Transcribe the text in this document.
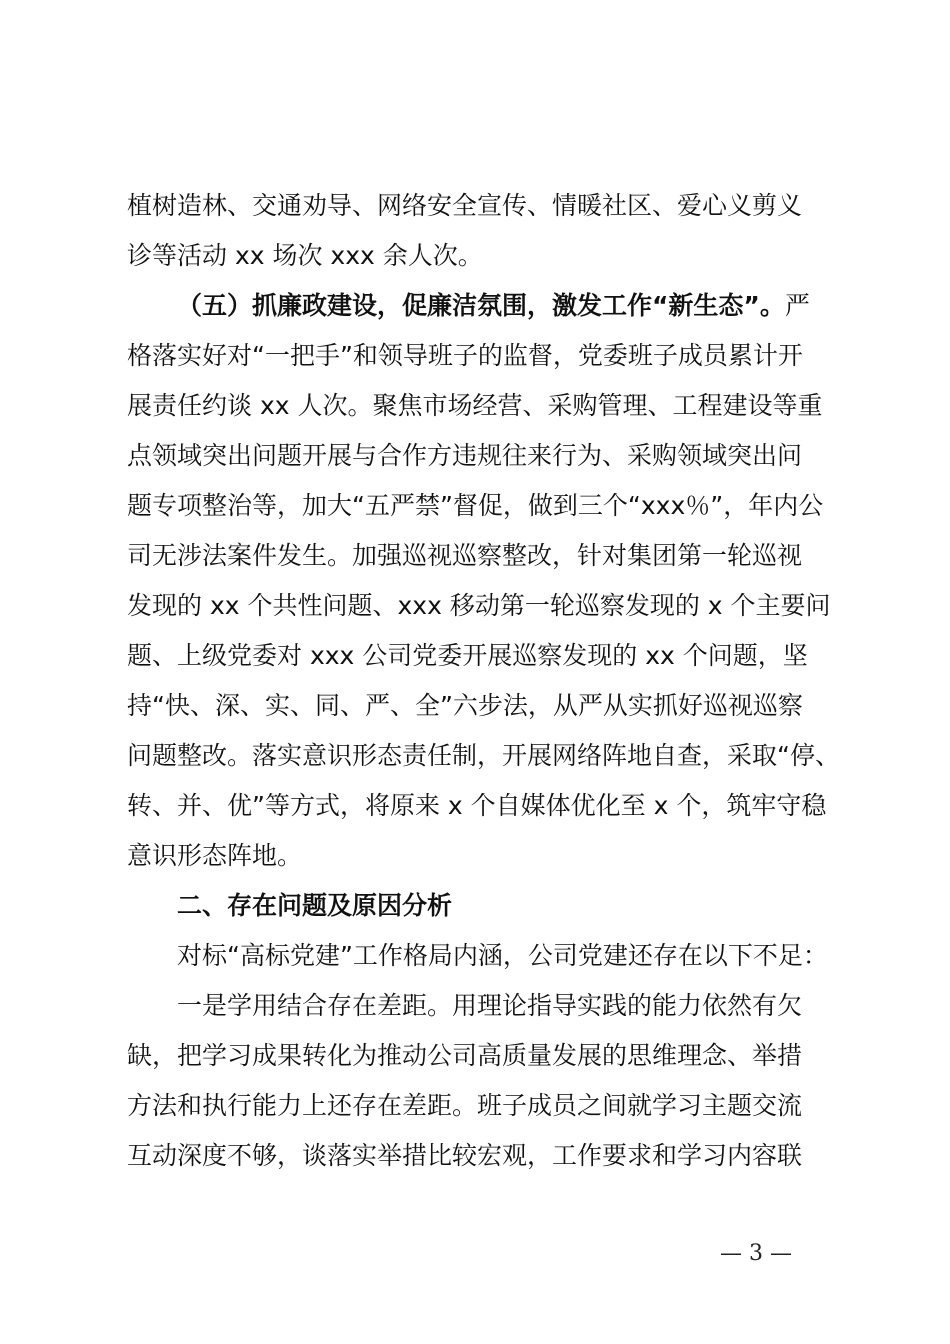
植树造林、交通劝导、网络安全宣传、情暖社区、爱心义剪义
诊等活动 xx 场次 xxx 余人次。
（五）抓廉政建设，促廉洁氛围，激发工作“新生态”。严
格落实好对“一把手”和领导班子的监督，党委班子成员累计开
展责任约谈 xx 人次。聚焦市场经营、采购管理、工程建设等重
点领域突出问题开展与合作方违规往来行为、采购领域突出问
题专项整治等，加大“五严禁”督促，做到三个“xxx％”，年内公
司无涉法案件发生。加强巡视巡察整改，针对集团第一轮巡视
发现的 xx 个共性问题、xxx 移动第一轮巡察发现的 x 个主要问
题、上级党委对 xxx 公司党委开展巡察发现的 xx 个问题，坚
持“快、深、实、同、严、全”六步法，从严从实抓好巡视巡察
问题整改。落实意识形态责任制，开展网络阵地自查，采取“停、
转、并、优”等方式，将原来 x 个自媒体优化至 x 个，筑牢守稳
意识形态阵地。
二、存在问题及原因分析
对标“高标党建”工作格局内涵，公司党建还存在以下不足：
一是学用结合存在差距。用理论指导实践的能力依然有欠
缺，把学习成果转化为推动公司高质量发展的思维理念、举措
方法和执行能力上还存在差距。班子成员之间就学习主题交流
互动深度不够，谈落实举措比较宏观，工作要求和学习内容联
— 3 —
